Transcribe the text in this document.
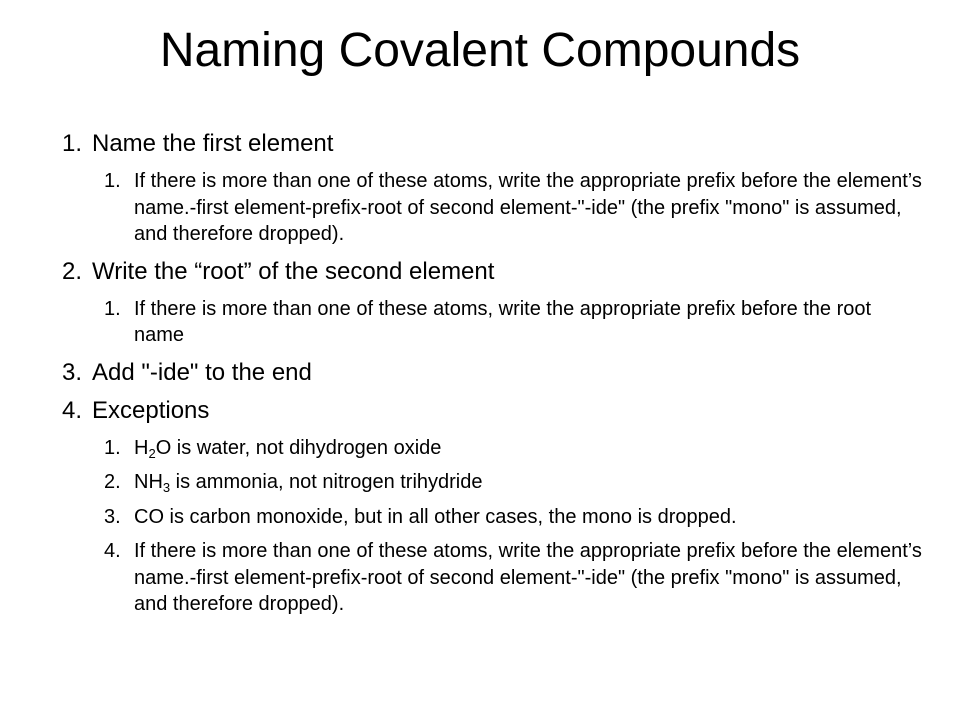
Naming Covalent Compounds
1. Name the first element
1. If there is more than one of these atoms, write the appropriate prefix before the element’s name.-first element-prefix-root of second element-"-ide" (the prefix "mono" is assumed, and therefore dropped).
2. Write the “root” of the second element
1. If there is more than one of these atoms, write the appropriate prefix before the root name
3. Add "-ide" to the end
4. Exceptions
1. $H_2O$ is water, not dihydrogen oxide
2. $NH_3$ is ammonia, not nitrogen trihydride
3. CO is carbon monoxide, but in all other cases, the mono is dropped.
4. If there is more than one of these atoms, write the appropriate prefix before the element’s name.-first element-prefix-root of second element-"-ide" (the prefix "mono" is assumed, and therefore dropped).
